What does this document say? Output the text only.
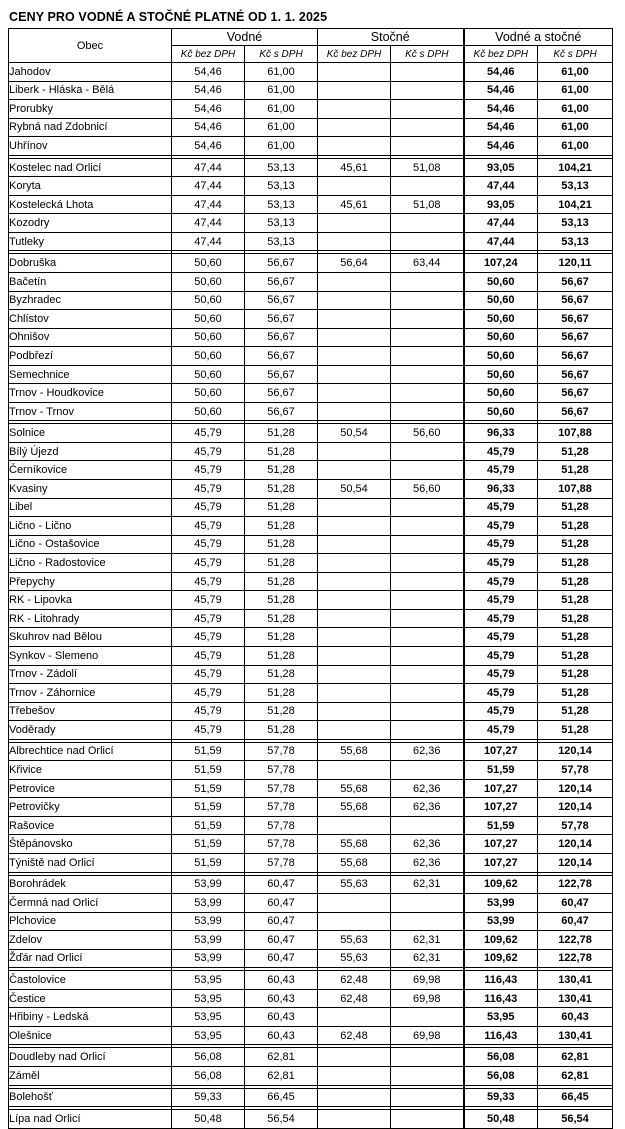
CENY PRO VODNÉ A STOČNÉ PLATNÉ OD 1. 1. 2025
Obec	Vodné		Stočné		Vodné a stočné	
	Kč bez DPH	Kč s DPH	Kč bez DPH	Kč s DPH	Kč bez DPH	Kč s DPH
Jahodov	54,46	61,00			54,46	61,00
Liberk - Hláska - Bělá	54,46	61,00			54,46	61,00
Prorubky	54,46	61,00			54,46	61,00
Rybná nad Zdobnicí	54,46	61,00			54,46	61,00
Uhřínov	54,46	61,00			54,46	61,00

Kostelec nad Orlicí	47,44	53,13	45,61	51,08	93,05	104,21
Koryta	47,44	53,13			47,44	53,13
Kostelecká Lhota	47,44	53,13	45,61	51,08	93,05	104,21
Kozodry	47,44	53,13			47,44	53,13
Tutleky	47,44	53,13			47,44	53,13

Dobruška	50,60	56,67	56,64	63,44	107,24	120,11
Bačetín	50,60	56,67			50,60	56,67
Byzhradec	50,60	56,67			50,60	56,67
Chlístov	50,60	56,67			50,60	56,67
Ohnišov	50,60	56,67			50,60	56,67
Podbřezí	50,60	56,67			50,60	56,67
Semechnice	50,60	56,67			50,60	56,67
Trnov - Houdkovice	50,60	56,67			50,60	56,67
Trnov - Trnov	50,60	56,67			50,60	56,67

Solnice	45,79	51,28	50,54	56,60	96,33	107,88
Bílý Újezd	45,79	51,28			45,79	51,28
Černíkovice	45,79	51,28			45,79	51,28
Kvasiny	45,79	51,28	50,54	56,60	96,33	107,88
Libel	45,79	51,28			45,79	51,28
Ličnо - Ličnо	45,79	51,28			45,79	51,28
Ličnо - Ostašovice	45,79	51,28			45,79	51,28
Ličnо - Radostovice	45,79	51,28			45,79	51,28
Přepychy	45,79	51,28			45,79	51,28
RK - Lipovka	45,79	51,28			45,79	51,28
RK - Litohrady	45,79	51,28			45,79	51,28
Skuhrov nad Bělou	45,79	51,28			45,79	51,28
Synkov - Slemeno	45,79	51,28			45,79	51,28
Trnov - Zádolí	45,79	51,28			45,79	51,28
Trnov - Záhornice	45,79	51,28			45,79	51,28
Třebešov	45,79	51,28			45,79	51,28
Voděrady	45,79	51,28			45,79	51,28

Albrechtice nad Orlicí	51,59	57,78	55,68	62,36	107,27	120,14
Křivice	51,59	57,78			51,59	57,78
Petrovice	51,59	57,78	55,68	62,36	107,27	120,14
Petrovičky	51,59	57,78	55,68	62,36	107,27	120,14
Rašovice	51,59	57,78			51,59	57,78
Štěpánovsko	51,59	57,78	55,68	62,36	107,27	120,14
Týniště nad Orlicí	51,59	57,78	55,68	62,36	107,27	120,14

Borohrádek	53,99	60,47	55,63	62,31	109,62	122,78
Čermná nad Orlicí	53,99	60,47			53,99	60,47
Plchovice	53,99	60,47			53,99	60,47
Zdelov	53,99	60,47	55,63	62,31	109,62	122,78
Žďár nad Orlicí	53,99	60,47	55,63	62,31	109,62	122,78

Častolovice	53,95	60,43	62,48	69,98	116,43	130,41
Čestice	53,95	60,43	62,48	69,98	116,43	130,41
Hřibiny - Ledská	53,95	60,43			53,95	60,43
Olešnice	53,95	60,43	62,48	69,98	116,43	130,41

Doudleby nad Orlicí	56,08	62,81			56,08	62,81
Záměl	56,08	62,81			56,08	62,81

Bolehošť	59,33	66,45			59,33	66,45

Lípa nad Orlicí	50,48	56,54			50,48	56,54
